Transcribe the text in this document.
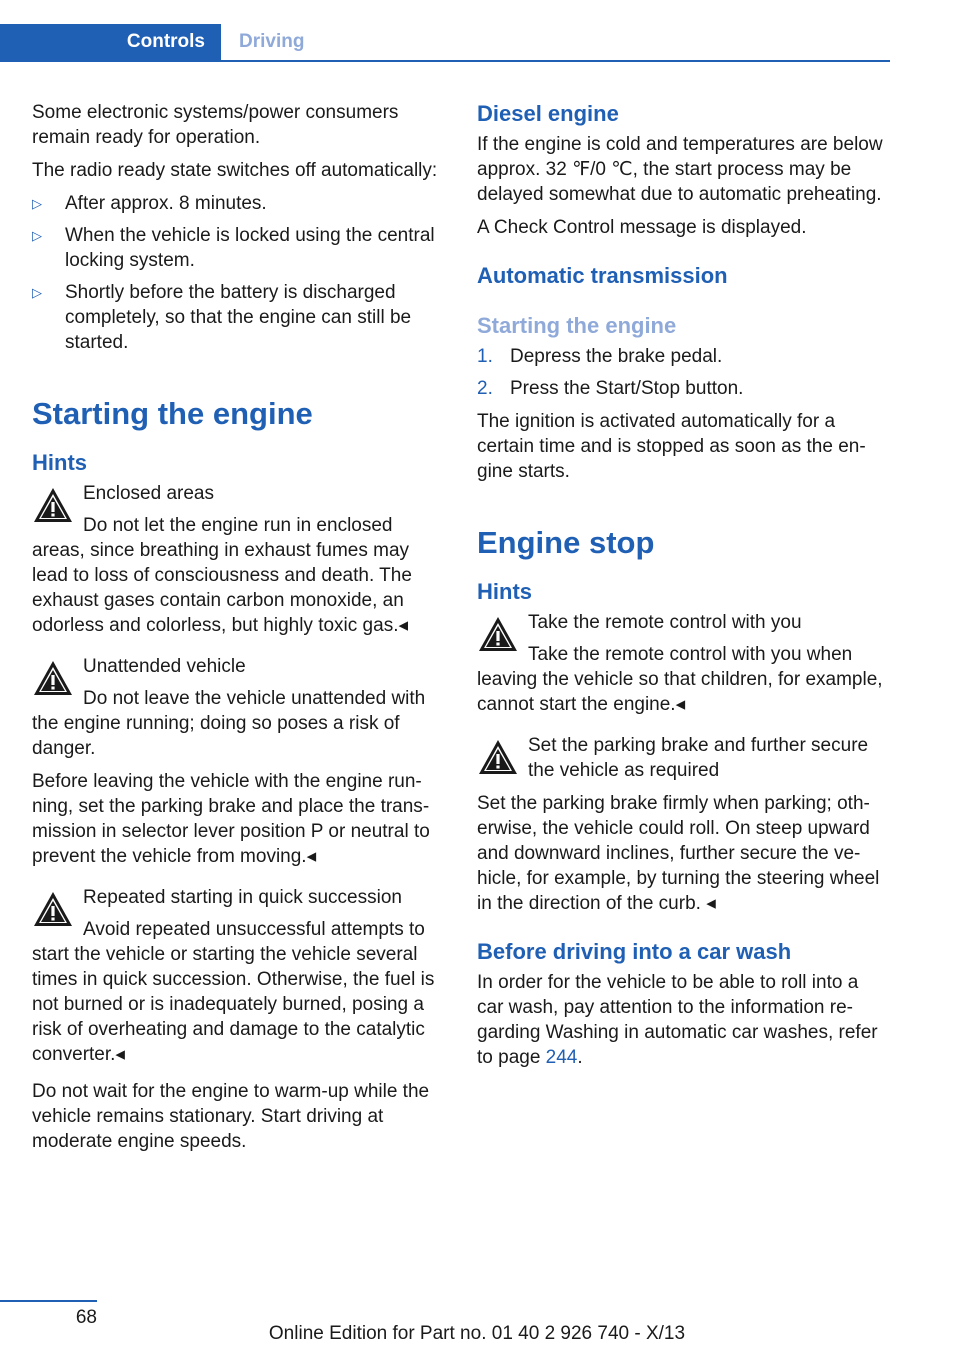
Controls	Driving

Some electronic systems/power consumers remain ready for operation.

The radio ready state switches off automatically:

▷ After approx. 8 minutes.
▷ When the vehicle is locked using the central locking system.
▷ Shortly before the battery is discharged completely, so that the engine can still be started.
Starting the engine
Hints

Enclosed areas

Do not let the engine run in enclosed areas, since breathing in exhaust fumes may lead to loss of consciousness and death. The exhaust gases contain carbon monoxide, an odorless and colorless, but highly toxic gas.◂

Unattended vehicle

Do not leave the vehicle unattended with the engine running; doing so poses a risk of danger.

Before leaving the vehicle with the engine running, set the parking brake and place the transmission in selector lever position P or neutral to prevent the vehicle from moving.◂

Repeated starting in quick succession

Avoid repeated unsuccessful attempts to start the vehicle or starting the vehicle several times in quick succession. Otherwise, the fuel is not burned or is inadequately burned, posing a risk of overheating and damage to the catalytic converter.◂

Do not wait for the engine to warm-up while the vehicle remains stationary. Start driving at moderate engine speeds.

Diesel engine

If the engine is cold and temperatures are below approx. 32 ℉/0 ℃, the start process may be delayed somewhat due to automatic preheating.

A Check Control message is displayed.

Automatic transmission
Starting the engine
1. Depress the brake pedal.
2. Press the Start/Stop button.

The ignition is activated automatically for a certain time and is stopped as soon as the engine starts.

Engine stop
Hints

Take the remote control with you

Take the remote control with you when leaving the vehicle so that children, for example, cannot start the engine.◂

Set the parking brake and further secure the vehicle as required

Set the parking brake firmly when parking; otherwise, the vehicle could roll. On steep upward and downward inclines, further secure the vehicle, for example, by turning the steering wheel in the direction of the curb. ◂

Before driving into a car wash

In order for the vehicle to be able to roll into a car wash, pay attention to the information regarding Washing in automatic car washes, refer to page 244.

68
Online Edition for Part no. 01 40 2 926 740 - X/13
